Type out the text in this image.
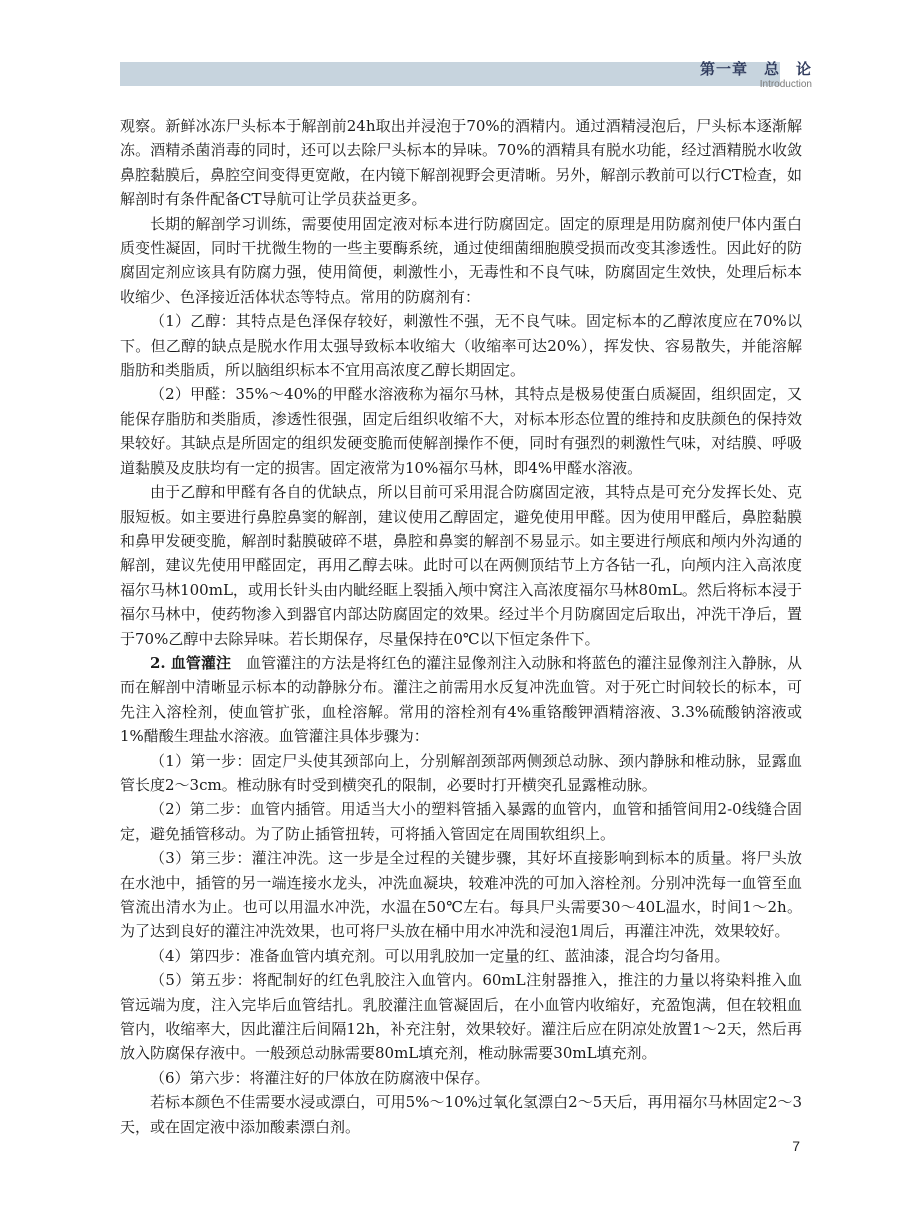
第一章　总　论
Introduction

观察。新鲜冰冻尸头标本于解剖前24h取出并浸泡于70%的酒精内。通过酒精浸泡后，尸头标本逐渐解冻。酒精杀菌消毒的同时，还可以去除尸头标本的异味。70%的酒精具有脱水功能，经过酒精脱水收敛鼻腔黏膜后，鼻腔空间变得更宽敞，在内镜下解剖视野会更清晰。另外，解剖示教前可以行CT检查，如解剖时有条件配备CT导航可让学员获益更多。

长期的解剖学习训练，需要使用固定液对标本进行防腐固定。固定的原理是用防腐剂使尸体内蛋白质变性凝固，同时干扰微生物的一些主要酶系统，通过使细菌细胞膜受损而改变其渗透性。因此好的防腐固定剂应该具有防腐力强，使用简便，刺激性小，无毒性和不良气味，防腐固定生效快，处理后标本收缩少、色泽接近活体状态等特点。常用的防腐剂有：

（1）乙醇：其特点是色泽保存较好，刺激性不强，无不良气味。固定标本的乙醇浓度应在70%以下。但乙醇的缺点是脱水作用太强导致标本收缩大（收缩率可达20%），挥发快、容易散失，并能溶解脂肪和类脂质，所以脑组织标本不宜用高浓度乙醇长期固定。

（2）甲醛：35%～40%的甲醛水溶液称为福尔马林，其特点是极易使蛋白质凝固，组织固定，又能保存脂肪和类脂质，渗透性很强，固定后组织收缩不大，对标本形态位置的维持和皮肤颜色的保持效果较好。其缺点是所固定的组织发硬变脆而使解剖操作不便，同时有强烈的刺激性气味，对结膜、呼吸道黏膜及皮肤均有一定的损害。固定液常为10%福尔马林，即4%甲醛水溶液。

由于乙醇和甲醛有各自的优缺点，所以目前可采用混合防腐固定液，其特点是可充分发挥长处、克服短板。如主要进行鼻腔鼻窦的解剖，建议使用乙醇固定，避免使用甲醛。因为使用甲醛后，鼻腔黏膜和鼻甲发硬变脆，解剖时黏膜破碎不堪，鼻腔和鼻窦的解剖不易显示。如主要进行颅底和颅内外沟通的解剖，建议先使用甲醛固定，再用乙醇去味。此时可以在两侧顶结节上方各钻一孔，向颅内注入高浓度福尔马林100mL，或用长针头由内眦经眶上裂插入颅中窝注入高浓度福尔马林80mL。然后将标本浸于福尔马林中，使药物渗入到器官内部达防腐固定的效果。经过半个月防腐固定后取出，冲洗干净后，置于70%乙醇中去除异味。若长期保存，尽量保持在0℃以下恒定条件下。

2. 血管灌注　 血管灌注的方法是将红色的灌注显像剂注入动脉和将蓝色的灌注显像剂注入静脉，从而在解剖中清晰显示标本的动静脉分布。灌注之前需用水反复冲洗血管。对于死亡时间较长的标本，可先注入溶栓剂，使血管扩张，血栓溶解。常用的溶栓剂有4%重铬酸钾酒精溶液、3.3%硫酸钠溶液或1%醋酸生理盐水溶液。血管灌注具体步骤为：

（1）第一步：固定尸头使其颈部向上，分别解剖颈部两侧颈总动脉、颈内静脉和椎动脉，显露血管长度2～3cm。椎动脉有时受到横突孔的限制，必要时打开横突孔显露椎动脉。

（2）第二步：血管内插管。用适当大小的塑料管插入暴露的血管内，血管和插管间用2-0线缝合固定，避免插管移动。为了防止插管扭转，可将插入管固定在周围软组织上。

（3）第三步：灌注冲洗。这一步是全过程的关键步骤，其好坏直接影响到标本的质量。将尸头放在水池中，插管的另一端连接水龙头，冲洗血凝块，较难冲洗的可加入溶栓剂。分别冲洗每一血管至血管流出清水为止。也可以用温水冲洗，水温在50℃左右。每具尸头需要30～40L温水，时间1～2h。为了达到良好的灌注冲洗效果，也可将尸头放在桶中用水冲洗和浸泡1周后，再灌注冲洗，效果较好。

（4）第四步：准备血管内填充剂。可以用乳胶加一定量的红、蓝油漆，混合均匀备用。

（5）第五步：将配制好的红色乳胶注入血管内。60mL注射器推入，推注的力量以将染料推入血管远端为度，注入完毕后血管结扎。乳胶灌注血管凝固后，在小血管内收缩好，充盈饱满，但在较粗血管内，收缩率大，因此灌注后间隔12h，补充注射，效果较好。灌注后应在阴凉处放置1～2天，然后再放入防腐保存液中。一般颈总动脉需要80mL填充剂，椎动脉需要30mL填充剂。

（6）第六步：将灌注好的尸体放在防腐液中保存。

若标本颜色不佳需要水浸或漂白，可用5%～10%过氧化氢漂白2～5天后，再用福尔马林固定2～3天，或在固定液中添加酸素漂白剂。

7
